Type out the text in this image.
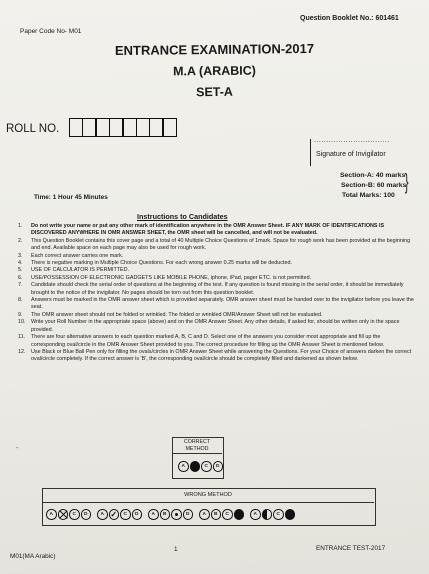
Paper Code No- M01
Question Booklet No.: 601461
ENTRANCE EXAMINATION-2017
M.A (ARABIC)
SET-A
ROLL NO.
...............................
Signature of Invigilator
Section-A: 40 marks
Section-B: 60 marks
Total Marks: 100
}
Time: 1 Hour 45 Minutes
Instructions to Candidates
1.	Do not write your name or put any other mark of identification anywhere in the OMR Answer Sheet. IF ANY MARK OF IDENTIFICATIONS IS DISCOVERED ANYWHERE IN OMR ANSWER SHEET, the OMR sheet will be cancelled, and will not be evaluated.
2.	This Question Booklet contains this cover page and a total of 40 Multiple Choice Questions of 1mark. Space for rough work has been provided at the beginning and end. Available space on each page may also be used for rough work.
3.	Each correct answer carries one mark.
4.	There is negative marking in Multiple Choice Questions. For each wrong answer 0.25 marks will be deducted.
5.	USE OF CALCULATOR IS PERMITTED.
6.	USE/POSSESSION OF ELECTRONIC GADGETS LIKE MOBILE PHONE, iphone, iPad, pager ETC. is not permitted.
7.	Candidate should check the serial order of questions at the beginning of the test. If any question is found missing in the serial order, it should be immediately brought to the notice of the invigilator. No pages should be torn out from this question booklet.
8.	Answers must be marked in the OMR answer sheet which is provided separately. OMR answer sheet must be handed over to the invigilator before you leave the seat.
9.	The OMR answer sheet should not be folded or wrinkled. The folded or wrinkled OMR/Answer Sheet will not be evaluated.
10.	Write your Roll Number in the appropriate space (above) and on the OMR Answer Sheet. Any other details, if asked for, should be written only in the space provided.
11.	There are four alternative answers to each question marked A, B, C and D. Select one of the answers you consider most appropriate and fill up the corresponding oval/circle in the OMR Answer Sheet provided to you. The correct procedure for filling up the OMR Answer Sheet is mentioned below.
12.	Use Black or Blue Ball Pen only for filling the ovals/circles in OMR Answer Sheet while answering the Questions. For your Choice of answers darken the correct oval/circle completely. If the correct answer is 'B', the corresponding oval/circle should be completely filled and darkened as shown below.
-
CORRECT METHOD
A	C	D
WRONG METHOD
A	C	D	A
✓	C	D	A	B	D	A	B	C	A	C	D
M01(MA Arabic)
1	ENTRANCE TEST-2017
